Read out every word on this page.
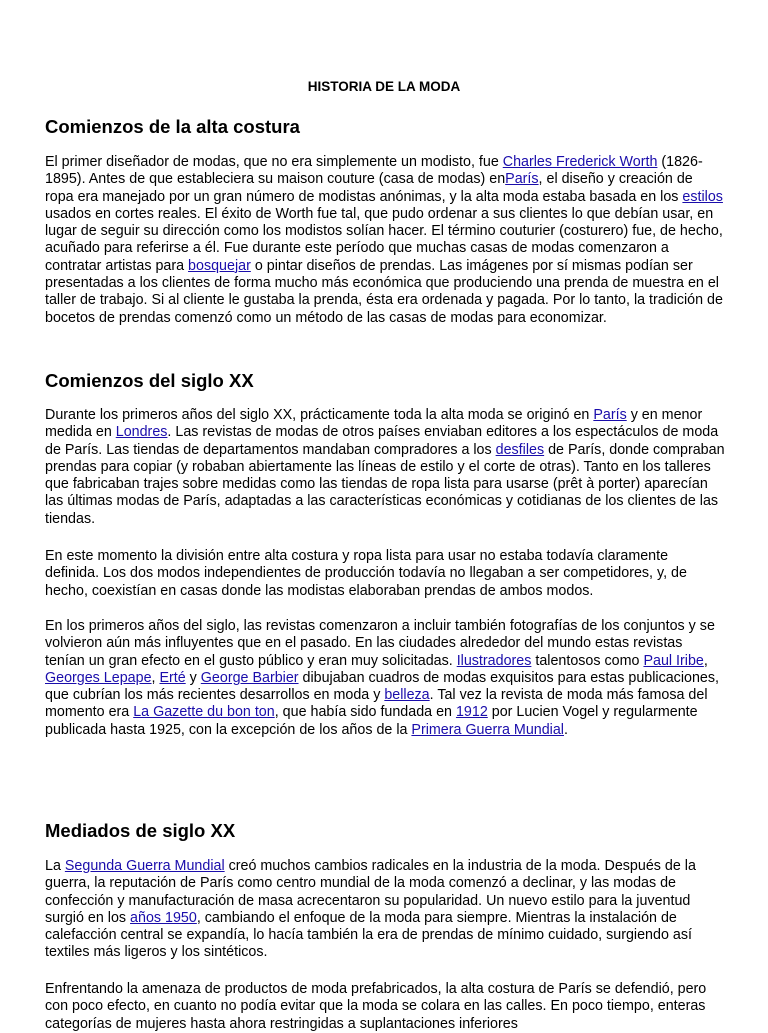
HISTORIA DE LA MODA
Comienzos de la alta costura
El primer diseñador de modas, que no era simplemente un modisto, fue Charles Frederick Worth (1826-1895). Antes de que estableciera su maison couture (casa de modas) enParís, el diseño y creación de ropa era manejado por un gran número de modistas anónimas, y la alta moda estaba basada en los estilos usados en cortes reales. El éxito de Worth fue tal, que pudo ordenar a sus clientes lo que debían usar, en lugar de seguir su dirección como los modistos solían hacer. El término couturier (costurero) fue, de hecho, acuñado para referirse a él. Fue durante este período que muchas casas de modas comenzaron a contratar artistas para bosquejar o pintar diseños de prendas. Las imágenes por sí mismas podían ser presentadas a los clientes de forma mucho más económica que produciendo una prenda de muestra en el taller de trabajo. Si al cliente le gustaba la prenda, ésta era ordenada y pagada. Por lo tanto, la tradición de bocetos de prendas comenzó como un método de las casas de modas para economizar.
Comienzos del siglo XX
Durante los primeros años del siglo XX, prácticamente toda la alta moda se originó en París y en menor medida en Londres. Las revistas de modas de otros países enviaban editores a los espectáculos de moda de París. Las tiendas de departamentos mandaban compradores a los desfiles de París, donde compraban prendas para copiar (y robaban abiertamente las líneas de estilo y el corte de otras). Tanto en los talleres que fabricaban trajes sobre medidas como las tiendas de ropa lista para usarse (prêt à porter) aparecían las últimas modas de París, adaptadas a las características económicas y cotidianas de los clientes de las tiendas.
En este momento la división entre alta costura y ropa lista para usar no estaba todavía claramente definida. Los dos modos independientes de producción todavía no llegaban a ser competidores, y, de hecho, coexistían en casas donde las modistas elaboraban prendas de ambos modos.
En los primeros años del siglo, las revistas comenzaron a incluir también fotografías de los conjuntos y se volvieron aún más influyentes que en el pasado. En las ciudades alrededor del mundo estas revistas tenían un gran efecto en el gusto público y eran muy solicitadas. Ilustradores talentosos como Paul Iribe, Georges Lepape, Erté y George Barbier dibujaban cuadros de modas exquisitos para estas publicaciones, que cubrían los más recientes desarrollos en moda y belleza. Tal vez la revista de moda más famosa del momento era La Gazette du bon ton, que había sido fundada en 1912 por Lucien Vogel y regularmente publicada hasta 1925, con la excepción de los años de la Primera Guerra Mundial.
Mediados de siglo XX
La Segunda Guerra Mundial creó muchos cambios radicales en la industria de la moda. Después de la guerra, la reputación de París como centro mundial de la moda comenzó a declinar, y las modas de confección y manufacturación de masa acrecentaron su popularidad. Un nuevo estilo para la juventud surgió en los años 1950, cambiando el enfoque de la moda para siempre. Mientras la instalación de calefacción central se expandía, lo hacía también la era de prendas de mínimo cuidado, surgiendo así textiles más ligeros y los sintéticos.
Enfrentando la amenaza de productos de moda prefabricados, la alta costura de París se defendió, pero con poco efecto, en cuanto no podía evitar que la moda se colara en las calles. En poco tiempo, enteras categorías de mujeres hasta ahora restringidas a suplantaciones inferiores
